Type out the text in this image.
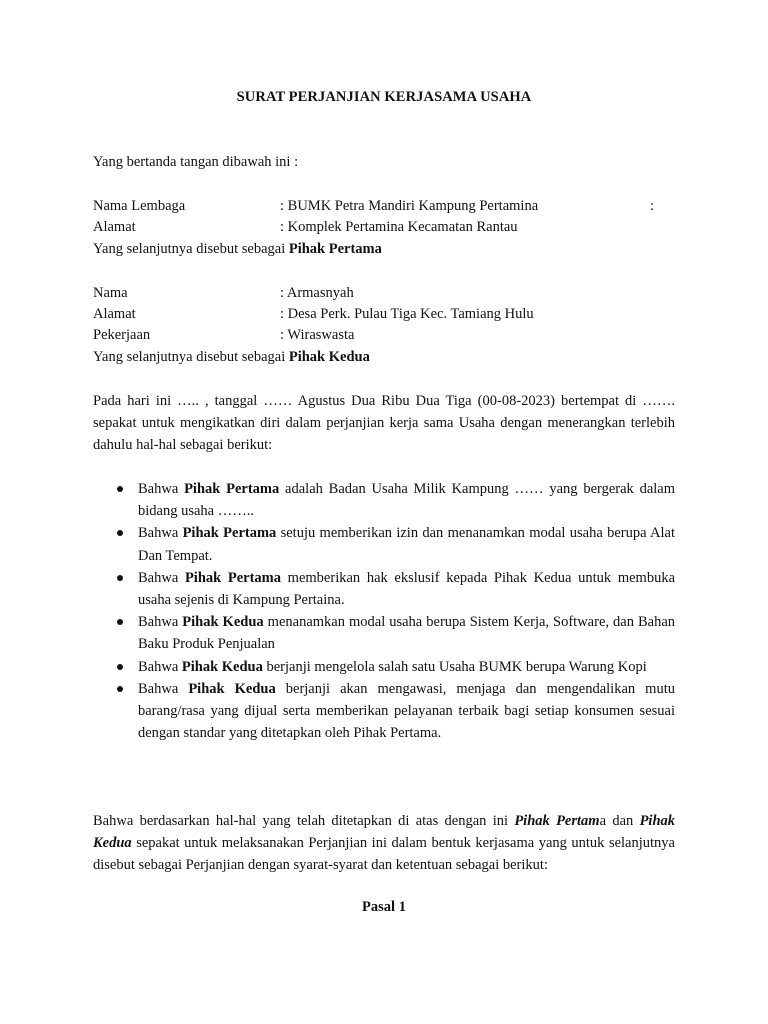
SURAT PERJANJIAN KERJASAMA USAHA
Yang bertanda tangan dibawah ini :
Nama Lembaga	: BUMK Petra Mandiri Kampung Pertamina	:
Alamat	: Komplek Pertamina Kecamatan Rantau
Yang selanjutnya disebut sebagai Pihak Pertama
Nama	: Armasnyah
Alamat	: Desa Perk. Pulau Tiga Kec. Tamiang Hulu
Pekerjaan	: Wiraswasta
Yang selanjutnya disebut sebagai Pihak Kedua
Pada hari ini ….. , tanggal …… Agustus Dua Ribu Dua Tiga (00-08-2023) bertempat di ……. sepakat untuk mengikatkan diri dalam perjanjian kerja sama Usaha dengan menerangkan terlebih dahulu hal-hal sebagai berikut:
Bahwa Pihak Pertama adalah Badan Usaha Milik Kampung …… yang bergerak dalam bidang usaha ……..
Bahwa Pihak Pertama setuju memberikan izin dan menanamkan modal usaha berupa Alat Dan Tempat.
Bahwa Pihak Pertama memberikan hak ekslusif kepada Pihak Kedua untuk membuka usaha sejenis di Kampung Pertaina.
Bahwa Pihak Kedua menanamkan modal usaha berupa Sistem Kerja, Software, dan Bahan Baku Produk Penjualan
Bahwa Pihak Kedua berjanji mengelola salah satu Usaha BUMK berupa Warung Kopi
Bahwa Pihak Kedua berjanji akan mengawasi, menjaga dan mengendalikan mutu barang/rasa yang dijual serta memberikan pelayanan terbaik bagi setiap konsumen sesuai dengan standar yang ditetapkan oleh Pihak Pertama.
Bahwa berdasarkan hal-hal yang telah ditetapkan di atas dengan ini Pihak Pertama dan Pihak Kedua sepakat untuk melaksanakan Perjanjian ini dalam bentuk kerjasama yang untuk selanjutnya disebut sebagai Perjanjian dengan syarat-syarat dan ketentuan sebagai berikut:
Pasal 1
